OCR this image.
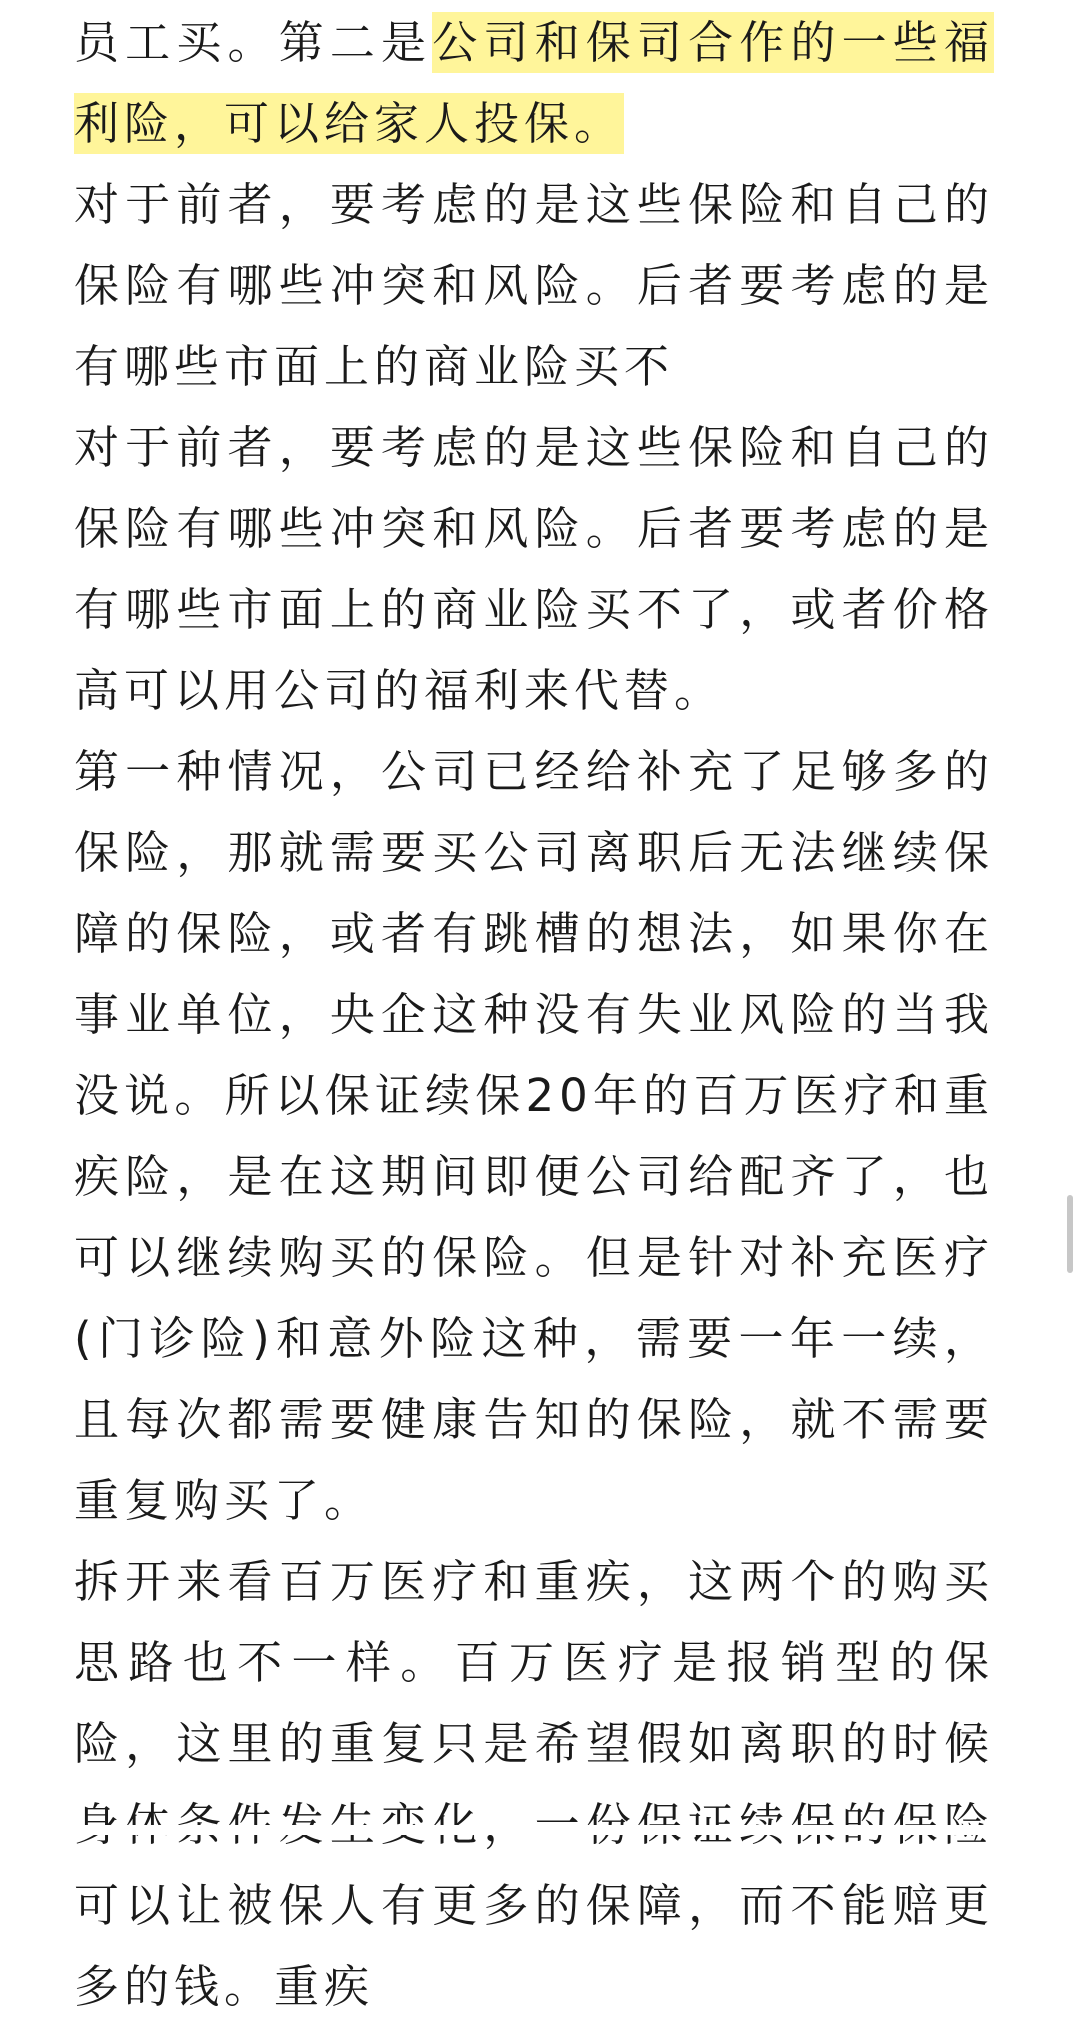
员工买。第二是公司和保司合作的一些福利险，可以给家人投保。

对于前者，要考虑的是这些保险和自己的保险有哪些冲突和风险。后者要考虑的是有哪些市面上的商业险买不

对于前者，要考虑的是这些保险和自己的保险有哪些冲突和风险。后者要考虑的是有哪些市面上的商业险买不了，或者价格高可以用公司的福利来代替。

第一种情况，公司已经给补充了足够多的保险，那就需要买公司离职后无法继续保障的保险，或者有跳槽的想法，如果你在事业单位，央企这种没有失业风险的当我没说。所以保证续保20年的百万医疗和重疾险，是在这期间即便公司给配齐了，也可以继续购买的保险。但是针对补充医疗(门诊险)和意外险这种，需要一年一续，且每次都需要健康告知的保险，就不需要重复购买了。

拆开来看百万医疗和重疾，这两个的购买思路也不一样。百万医疗是报销型的保险，这里的重复只是希望假如离职的时候 可以让被保人有更多的保障，而不能赔更多的钱。重疾
